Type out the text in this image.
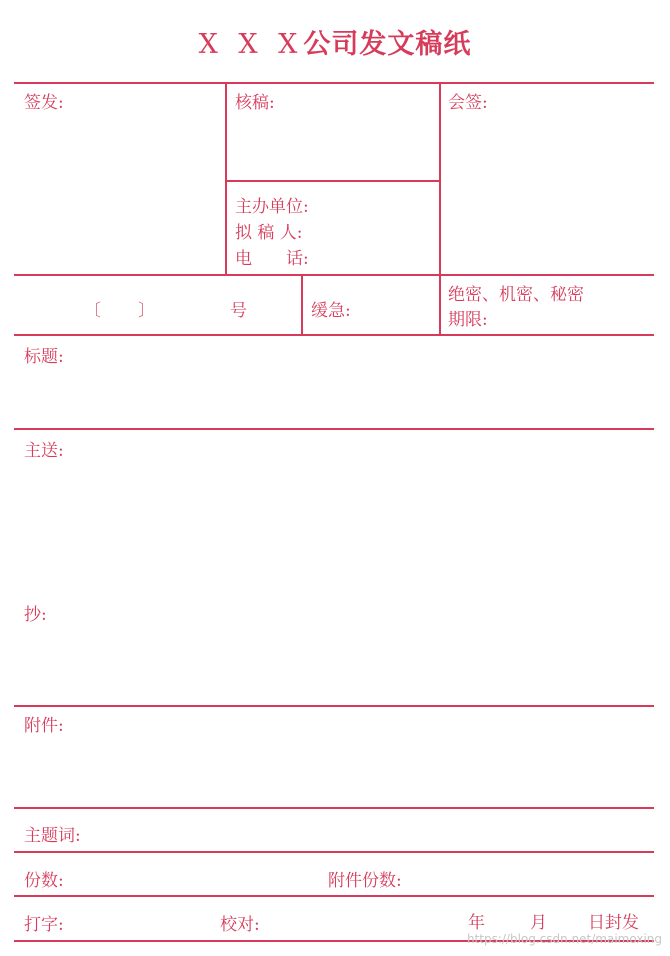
X X X公司发文稿纸
签发:	核稿:	会签:
主办单位:
拟 稿 人:
电　　话:
〔 〕	号	缓急:
绝密、机密、秘密
期限:
标题:
主送:
抄:
附件:
主题词:
份数:	附件份数:
打字:	校对:	年	月 日封发
https://blog.csdn.net/maimoxing
